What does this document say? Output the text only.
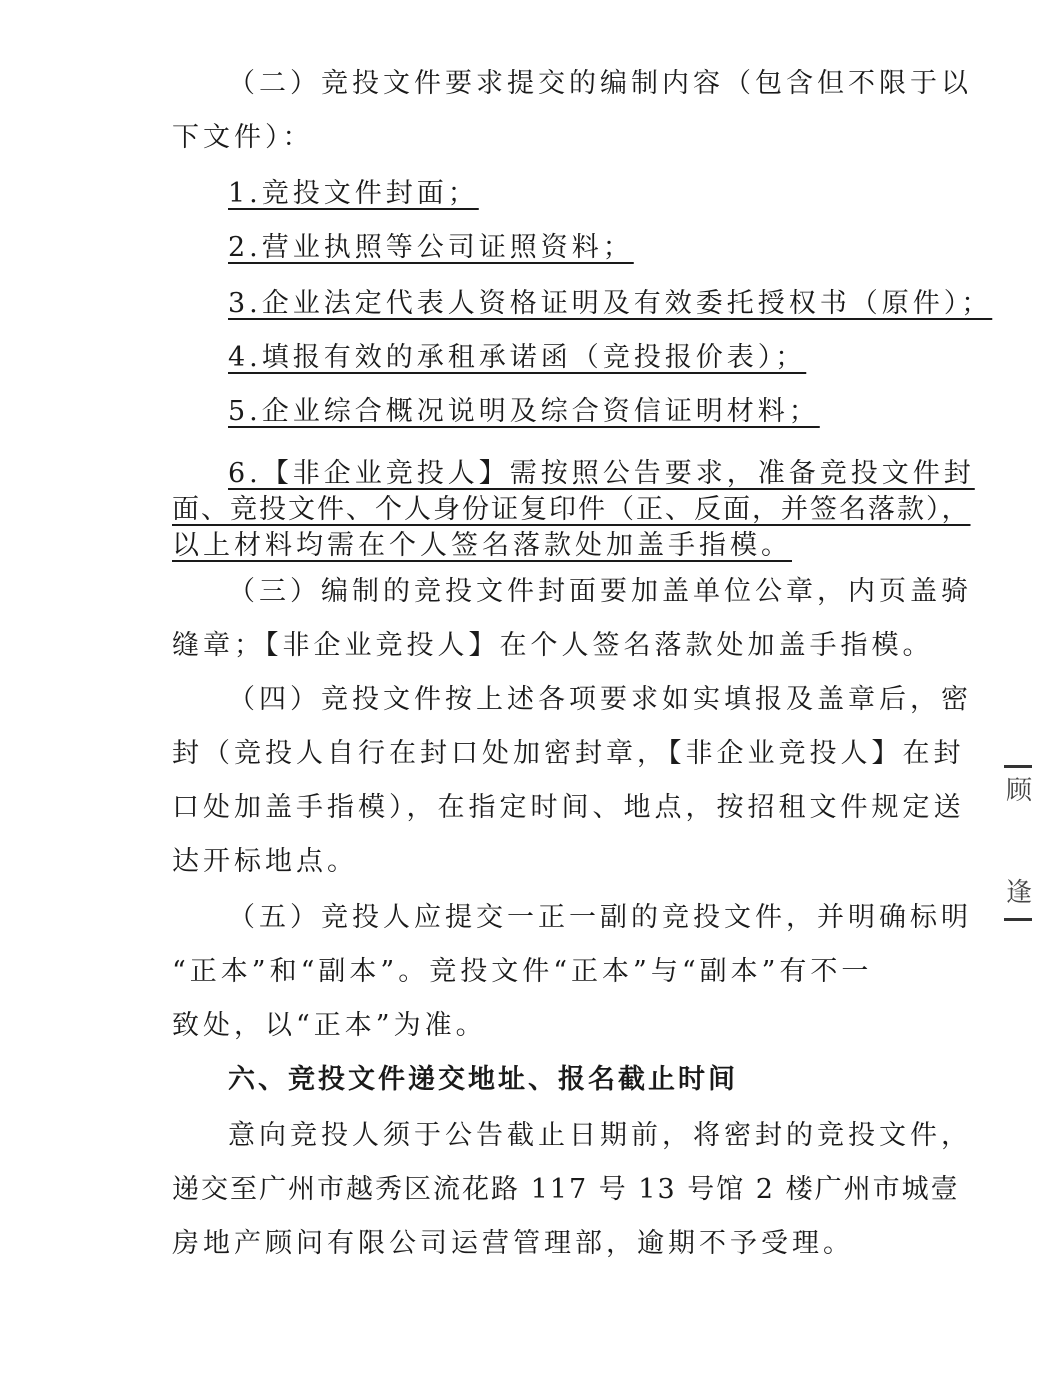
（二）竞投文件要求提交的编制内容（包含但不限于以
下文件）：
1.竞投文件封面；
2.营业执照等公司证照资料；
3.企业法定代表人资格证明及有效委托授权书（原件）；
4.填报有效的承租承诺函（竞投报价表）；
5.企业综合概况说明及综合资信证明材料；
6.【非企业竞投人】需按照公告要求，准备竞投文件封
面、竞投文件、个人身份证复印件（正、反面，并签名落款），
以上材料均需在个人签名落款处加盖手指模。
（三）编制的竞投文件封面要加盖单位公章，内页盖骑
缝章；【非企业竞投人】在个人签名落款处加盖手指模。
（四）竞投文件按上述各项要求如实填报及盖章后，密
封（竞投人自行在封口处加密封章，【非企业竞投人】在封
口处加盖手指模），在指定时间、地点，按招租文件规定送
达开标地点。
（五）竞投人应提交一正一副的竞投文件，并明确标明
“正本”和“副本”。竞投文件“正本”与“副本”有不一
致处，以“正本”为准。
六、竞投文件递交地址、报名截止时间
意向竞投人须于公告截止日期前，将密封的竞投文件，
递交至广州市越秀区流花路 117 号 13 号馆 2 楼广州市城壹
房地产顾问有限公司运营管理部，逾期不予受理。
顾
逢
